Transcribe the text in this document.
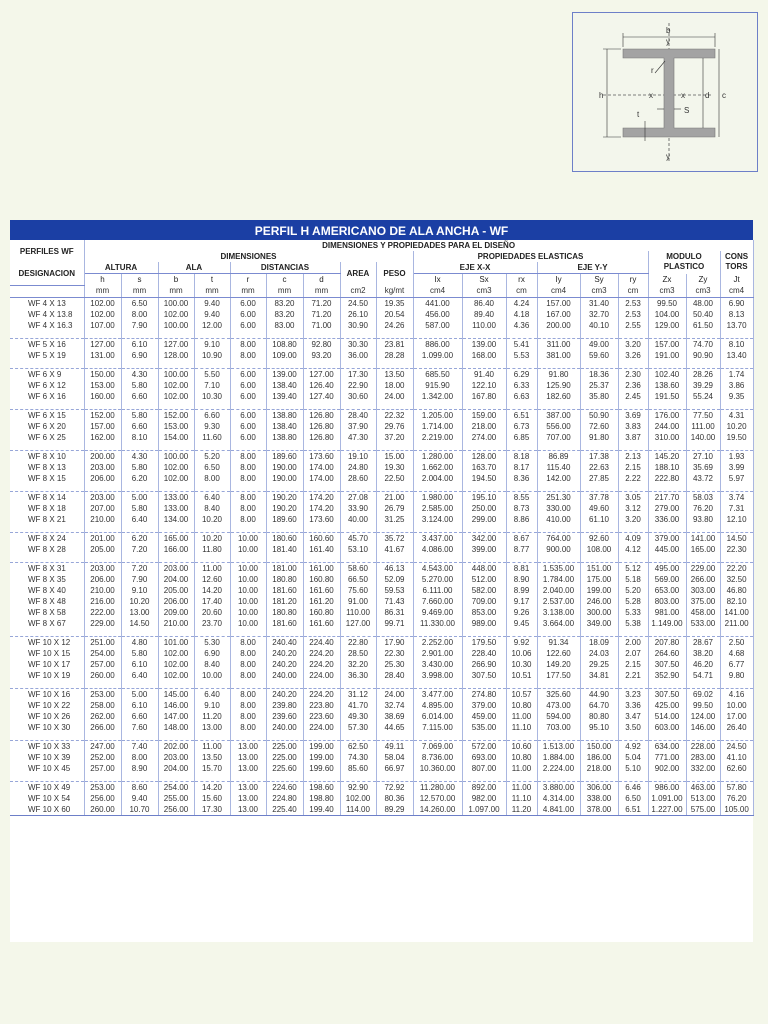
b
y
h	x	x	d c
r
t	S
y
PERFIL H AMERICANO DE ALA ANCHA - WF
PERFILES WF	DIMENSIONES Y PROPIEDADES PARA EL DISEÑO																	
	DIMENSIONES									PROPIEDADES ELASTICAS						MODULO PLASTICO		CONS TORS
DESIGNACION	ALTURA		ALA		DISTANCIAS			AREA	PESO	EJE X-X			EJE Y-Y					
	h	s	b	t	r	c	d			Ix	Sx	rx	Iy	Sy	ry	Zx	Zy	Jt
	mm	mm	mm	mm	mm	mm	mm	cm2	kg/mt	cm4	cm3	cm	cm4	cm3	cm	cm3	cm3	cm4
WF 4 X 13	102.00	6.50	100.00	9.40	6.00	83.20	71.20	24.50	19.35	441.00	86.40	4.24	157.00	31.40	2.53	99.50	48.00	6.90
WF 4 X 13.8	102.00	8.00	102.00	9.40	6.00	83.20	71.20	26.10	20.54	456.00	89.40	4.18	167.00	32.70	2.53	104.00	50.40	8.13
WF 4 X 16.3	107.00	7.90	100.00	12.00	6.00	83.00	71.00	30.90	24.26	587.00	110.00	4.36	200.00	40.10	2.55	129.00	61.50	13.70

WF 5 X 16	127.00	6.10	127.00	9.10	8.00	108.80	92.80	30.30	23.81	886.00	139.00	5.41	311.00	49.00	3.20	157.00	74.70	8.10
WF 5 X 19	131.00	6.90	128.00	10.90	8.00	109.00	93.20	36.00	28.28	1.099.00	168.00	5.53	381.00	59.60	3.26	191.00	90.90	13.40

WF 6 X 9	150.00	4.30	100.00	5.50	6.00	139.00	127.00	17.30	13.50	685.50	91.40	6.29	91.80	18.36	2.30	102.40	28.26	1.74
WF 6 X 12	153.00	5.80	102.00	7.10	6.00	138.40	126.40	22.90	18.00	915.90	122.10	6.33	125.90	25.37	2.36	138.60	39.29	3.86
WF 6 X 16	160.00	6.60	102.00	10.30	6.00	139.40	127.40	30.60	24.00	1.342.00	167.80	6.63	182.60	35.80	2.45	191.50	55.24	9.35

WF 6 X 15	152.00	5.80	152.00	6.60	6.00	138.80	126.80	28.40	22.32	1.205.00	159.00	6.51	387.00	50.90	3.69	176.00	77.50	4.31
WF 6 X 20	157.00	6.60	153.00	9.30	6.00	138.40	126.80	37.90	29.76	1.714.00	218.00	6.73	556.00	72.60	3.83	244.00	111.00	10.20
WF 6 X 25	162.00	8.10	154.00	11.60	6.00	138.80	126.80	47.30	37.20	2.219.00	274.00	6.85	707.00	91.80	3.87	310.00	140.00	19.50

WF 8 X 10	200.00	4.30	100.00	5.20	8.00	189.60	173.60	19.10	15.00	1.280.00	128.00	8.18	86.89	17.38	2.13	145.20	27.10	1.93
WF 8 X 13	203.00	5.80	102.00	6.50	8.00	190.00	174.00	24.80	19.30	1.662.00	163.70	8.17	115.40	22.63	2.15	188.10	35.69	3.99
WF 8 X 15	206.00	6.20	102.00	8.00	8.00	190.00	174.00	28.60	22.50	2.004.00	194.50	8.36	142.00	27.85	2.22	222.80	43.72	5.97

WF 8 X 14	203.00	5.00	133.00	6.40	8.00	190.20	174.20	27.08	21.00	1.980.00	195.10	8.55	251.30	37.78	3.05	217.70	58.03	3.74
WF 8 X 18	207.00	5.80	133.00	8.40	8.00	190.20	174.20	33.90	26.79	2.585.00	250.00	8.73	330.00	49.60	3.12	279.00	76.20	7.31
WF 8 X 21	210.00	6.40	134.00	10.20	8.00	189.60	173.60	40.00	31.25	3.124.00	299.00	8.86	410.00	61.10	3.20	336.00	93.80	12.10

WF 8 X 24	201.00	6.20	165.00	10.20	10.00	180.60	160.60	45.70	35.72	3.437.00	342.00	8.67	764.00	92.60	4.09	379.00	141.00	14.50
WF 8 X 28	205.00	7.20	166.00	11.80	10.00	181.40	161.40	53.10	41.67	4.086.00	399.00	8.77	900.00	108.00	4.12	445.00	165.00	22.30

WF 8 X 31	203.00	7.20	203.00	11.00	10.00	181.00	161.00	58.60	46.13	4.543.00	448.00	8.81	1.535.00	151.00	5.12	495.00	229.00	22.20
WF 8 X 35	206.00	7.90	204.00	12.60	10.00	180.80	160.80	66.50	52.09	5.270.00	512.00	8.90	1.784.00	175.00	5.18	569.00	266.00	32.50
WF 8 X 40	210.00	9.10	205.00	14.20	10.00	181.60	161.60	75.60	59.53	6.111.00	582.00	8.99	2.040.00	199.00	5.20	653.00	303.00	46.80
WF 8 X 48	216.00	10.20	206.00	17.40	10.00	181.20	161.20	91.00	71.43	7.660.00	709.00	9.17	2.537.00	246.00	5.28	803.00	375.00	82.10
WF 8 X 58	222.00	13.00	209.00	20.60	10.00	180.80	160.80	110.00	86.31	9.469.00	853.00	9.26	3.138.00	300.00	5.33	981.00	458.00	141.00
WF 8 X 67	229.00	14.50	210.00	23.70	10.00	181.60	161.60	127.00	99.71	11.330.00	989.00	9.45	3.664.00	349.00	5.38	1.149.00	533.00	211.00

WF 10 X 12	251.00	4.80	101.00	5.30	8.00	240.40	224.40	22.80	17.90	2.252.00	179.50	9.92	91.34	18.09	2.00	207.80	28.67	2.50
WF 10 X 15	254.00	5.80	102.00	6.90	8.00	240.20	224.20	28.50	22.30	2.901.00	228.40	10.06	122.60	24.03	2.07	264.60	38.20	4.68
WF 10 X 17	257.00	6.10	102.00	8.40	8.00	240.20	224.20	32.20	25.30	3.430.00	266.90	10.30	149.20	29.25	2.15	307.50	46.20	6.77
WF 10 X 19	260.00	6.40	102.00	10.00	8.00	240.00	224.00	36.30	28.40	3.998.00	307.50	10.51	177.50	34.81	2.21	352.90	54.71	9.80

WF 10 X 16	253.00	5.00	145.00	6.40	8.00	240.20	224.20	31.12	24.00	3.477.00	274.80	10.57	325.60	44.90	3.23	307.50	69.02	4.16
WF 10 X 22	258.00	6.10	146.00	9.10	8.00	239.80	223.80	41.70	32.74	4.895.00	379.00	10.80	473.00	64.70	3.36	425.00	99.50	10.00
WF 10 X 26	262.00	6.60	147.00	11.20	8.00	239.60	223.60	49.30	38.69	6.014.00	459.00	11.00	594.00	80.80	3.47	514.00	124.00	17.00
WF 10 X 30	266.00	7.60	148.00	13.00	8.00	240.00	224.00	57.30	44.65	7.115.00	535.00	11.10	703.00	95.10	3.50	603.00	146.00	26.40

WF 10 X 33	247.00	7.40	202.00	11.00	13.00	225.00	199.00	62.50	49.11	7.069.00	572.00	10.60	1.513.00	150.00	4.92	634.00	228.00	24.50
WF 10 X 39	252.00	8.00	203.00	13.50	13.00	225.00	199.00	74.30	58.04	8.736.00	693.00	10.80	1.884.00	186.00	5.04	771.00	283.00	41.10
WF 10 X 45	257.00	8.90	204.00	15.70	13.00	225.60	199.60	85.60	66.97	10.360.00	807.00	11.00	2.224.00	218.00	5.10	902.00	332.00	62.60

WF 10 X 49	253.00	8.60	254.00	14.20	13.00	224.60	198.60	92.90	72.92	11.280.00	892.00	11.00	3.880.00	306.00	6.46	986.00	463.00	57.80
WF 10 X 54	256.00	9.40	255.00	15.60	13.00	224.80	198.80	102.00	80.36	12.570.00	982.00	11.10	4.314.00	338.00	6.50	1.091.00	513.00	76.20
WF 10 X 60	260.00	10.70	256.00	17.30	13.00	225.40	199.40	114.00	89.29	14.260.00	1.097.00	11.20	4.841.00	378.00	6.51	1.227.00	575.00	105.00
